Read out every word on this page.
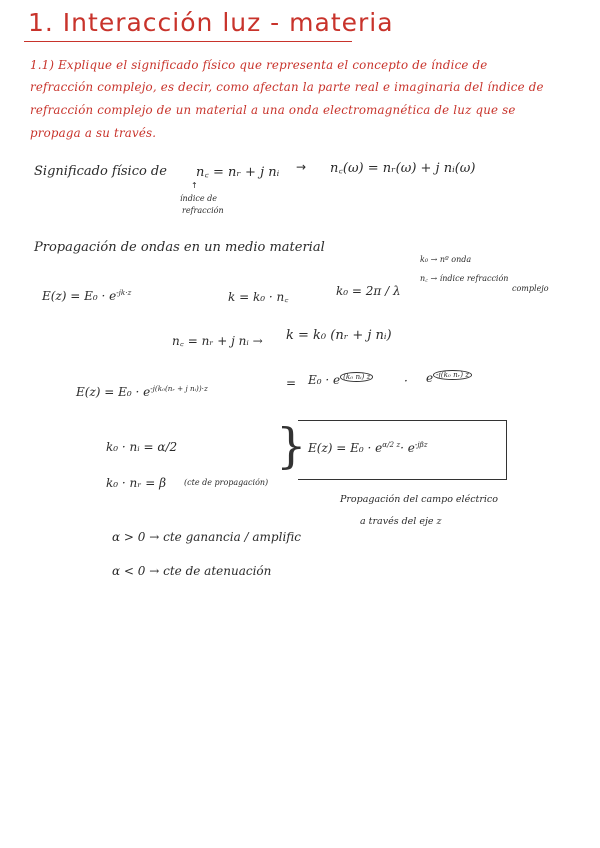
1. Interacción luz - materia
1.1) Explique el significado físico que representa el concepto de índice de
refracción complejo, es decir, como afectan la parte real e imaginaria del índice de
refracción complejo de un material a una onda electromagnética de luz que se
propaga a su través.
Significado físico de n꜀ = nᵣ + j nᵢ → n꜀(ω) = nᵣ(ω) + j nᵢ(ω)
↑
índice de
refracción
Propagación de ondas en un medio material
k₀ → nº onda
n꜀ → índice refracción
complejo
$E(z) = E_0 \cdot e^{-jk\cdot z}$	k = k₀ · n꜀	k₀ = 2π / λ
n꜀ = nᵣ + j nᵢ → k = k₀ (nᵣ + j nᵢ)
$E(z) = E_0 \cdot e^{-j(k_0(nᵣ + j nᵢ))\cdot z}$	= E₀ · e $^{(k_0 nᵢ) z}$	· e $^{-j(k_0 nᵣ) z}$
k₀ · nᵢ = α/2
k₀ · nᵣ = β (cte de propagación)
} $E(z) = E_0 \cdot e^{\alpha/2 z}\cdot e^{-j\beta z}$
Propagación del campo eléctrico
a través del eje z
α > 0 → cte ganancia / amplific
α < 0 → cte de atenuación
